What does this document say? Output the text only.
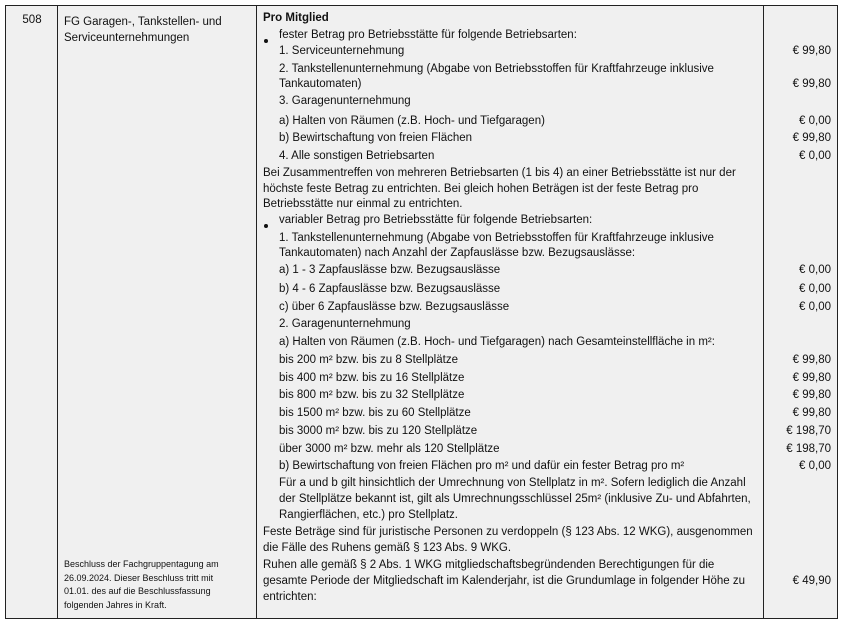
508	FG Garagen-, Tankstellen- und
Serviceunternehmungen
Beschluss der Fachgruppentagung am
26.09.2024. Dieser Beschluss tritt mit
01.01. des auf die Beschlussfassung
folgenden Jahres in Kraft.
Pro Mitglied
fester Betrag pro Betriebsstätte für folgende Betriebsarten:
1. Serviceunternehmung
2. Tankstellenunternehmung (Abgabe von Betriebsstoffen für Kraftfahrzeuge inklusive
Tankautomaten)
3. Garagenunternehmung
a) Halten von Räumen (z.B. Hoch- und Tiefgaragen)
b) Bewirtschaftung von freien Flächen
4. Alle sonstigen Betriebsarten
Bei Zusammentreffen von mehreren Betriebsarten (1 bis 4) an einer Betriebsstätte ist nur der
höchste feste Betrag zu entrichten. Bei gleich hohen Beträgen ist der feste Betrag pro
Betriebsstätte nur einmal zu entrichten.
variabler Betrag pro Betriebsstätte für folgende Betriebsarten:
1. Tankstellenunternehmung (Abgabe von Betriebsstoffen für Kraftfahrzeuge inklusive
Tankautomaten) nach Anzahl der Zapfauslässe bzw. Bezugsauslässe:
a) 1 - 3 Zapfauslässe bzw. Bezugsauslässe
b) 4 - 6 Zapfauslässe bzw. Bezugsauslässe
c) über 6 Zapfauslässe bzw. Bezugsauslässe
2. Garagenunternehmung
a) Halten von Räumen (z.B. Hoch- und Tiefgaragen) nach Gesamteinstellfläche in m²:
bis 200 m² bzw. bis zu 8 Stellplätze
bis 400 m² bzw. bis zu 16 Stellplätze
bis 800 m² bzw. bis zu 32 Stellplätze
bis 1500 m² bzw. bis zu 60 Stellplätze
bis 3000 m² bzw. bis zu 120 Stellplätze
über 3000 m² bzw. mehr als 120 Stellplätze
b) Bewirtschaftung von freien Flächen pro m² und dafür ein fester Betrag pro m²
Für a und b gilt hinsichtlich der Umrechnung von Stellplatz in m². Sofern lediglich die Anzahl
der Stellplätze bekannt ist, gilt als Umrechnungsschlüssel 25m² (inklusive Zu- und Abfahrten,
Rangierflächen, etc.) pro Stellplatz.
Feste Beträge sind für juristische Personen zu verdoppeln (§ 123 Abs. 12 WKG), ausgenommen
die Fälle des Ruhens gemäß § 123 Abs. 9 WKG.
Ruhen alle gemäß § 2 Abs. 1 WKG mitgliedschaftsbegründenden Berechtigungen für die
gesamte Periode der Mitgliedschaft im Kalenderjahr, ist die Grundumlage in folgender Höhe zu
entrichten:
€ 99,80
€ 99,80
€ 0,00
€ 99,80
€ 0,00
€ 0,00
€ 0,00
€ 0,00
€ 99,80
€ 99,80
€ 99,80
€ 99,80
€ 198,70
€ 198,70
€ 0,00
€ 49,90
